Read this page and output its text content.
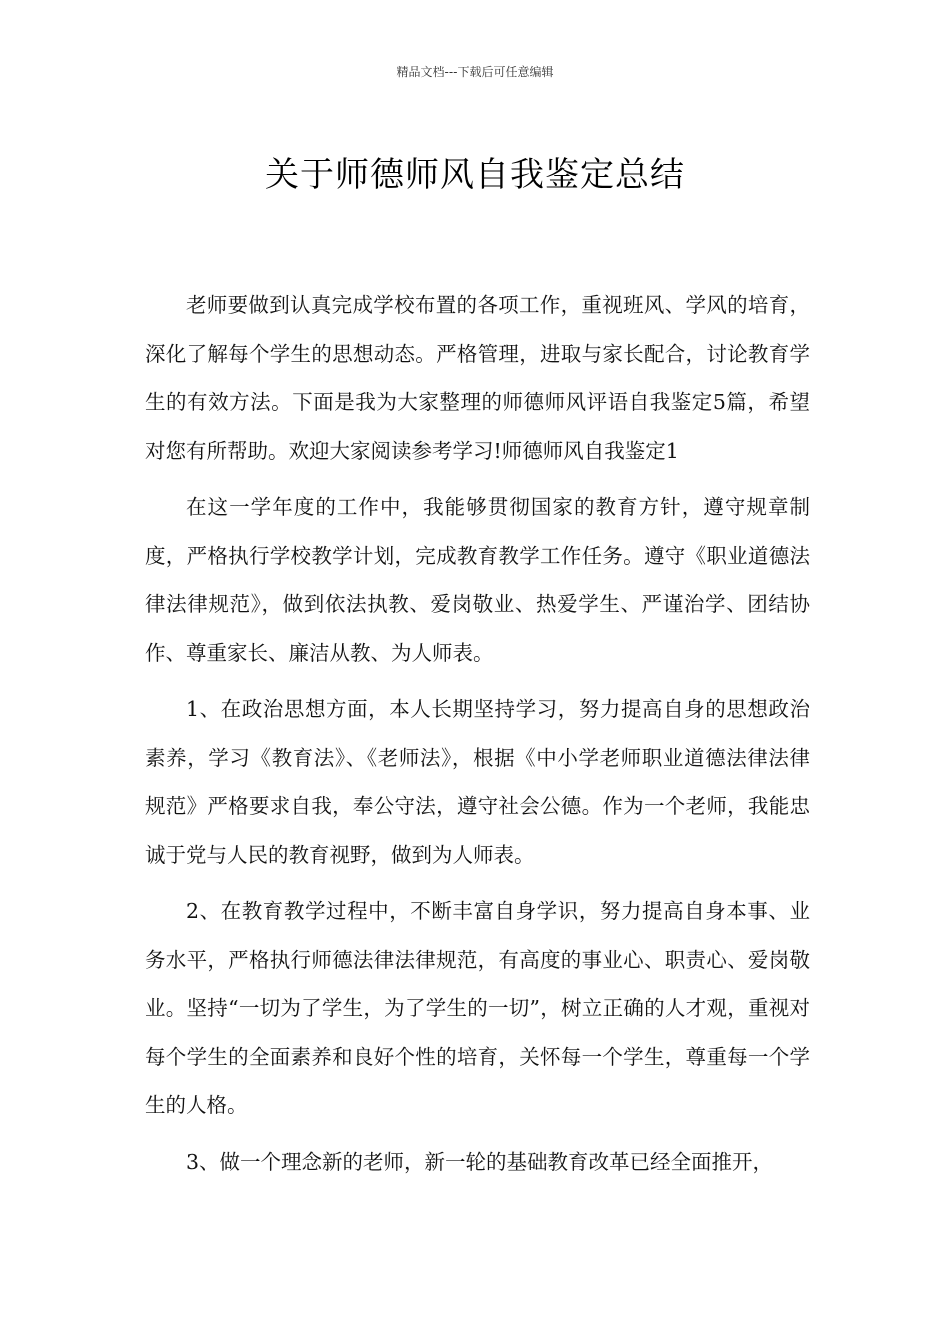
精品文档---下载后可任意编辑
关于师德师风自我鉴定总结

老师要做到认真完成学校布置的各项工作，重视班风、学风的培育，深化了解每个学生的思想动态。严格管理，进取与家长配合，讨论教育学生的有效方法。下面是我为大家整理的师德师风评语自我鉴定5篇，希望对您有所帮助。欢迎大家阅读参考学习!师德师风自我鉴定1

在这一学年度的工作中，我能够贯彻国家的教育方针，遵守规章制度，严格执行学校教学计划，完成教育教学工作任务。遵守《职业道德法律法律规范》，做到依法执教、爱岗敬业、热爱学生、严谨治学、团结协作、尊重家长、廉洁从教、为人师表。

1、在政治思想方面，本人长期坚持学习，努力提高自身的思想政治素养，学习《教育法》、《老师法》，根据《中小学老师职业道德法律法律规范》严格要求自我，奉公守法，遵守社会公德。作为一个老师，我能忠诚于党与人民的教育视野，做到为人师表。

2、在教育教学过程中，不断丰富自身学识，努力提高自身本事、业务水平，严格执行师德法律法律规范，有高度的事业心、职责心、爱岗敬业。坚持“一切为了学生，为了学生的一切”，树立正确的人才观，重视对每个学生的全面素养和良好个性的培育，关怀每一个学生，尊重每一个学生的人格。

3、做一个理念新的老师，新一轮的基础教育改革已经全面推开，
